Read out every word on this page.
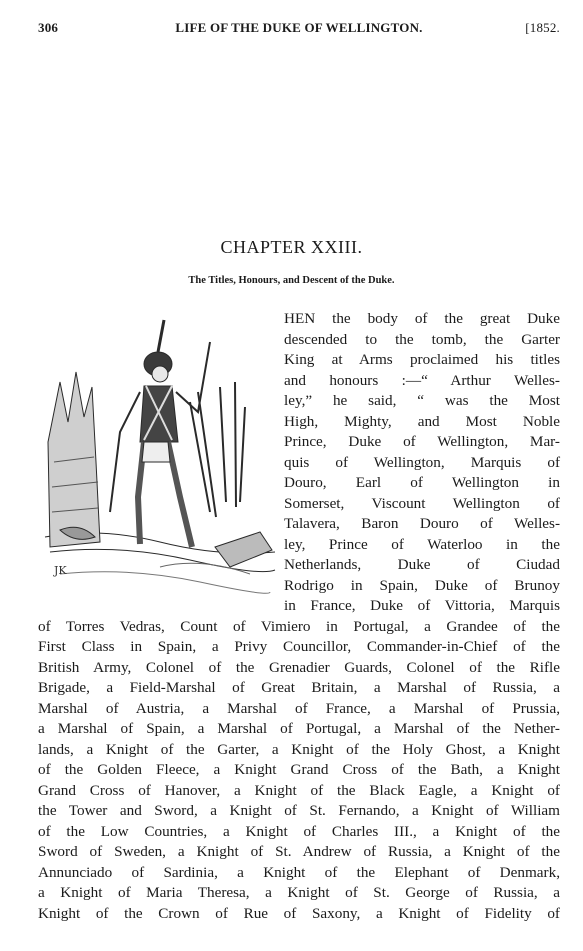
306	LIFE OF THE DUKE OF WELLINGTON.	[1852.
CHAPTER XXIII.
The Titles, Honours, and Descent of the Duke.
JK
HEN the body of the great Duke
descended to the tomb, the Garter
King at Arms proclaimed his titles
and honours :—“ Arthur Welles-
ley,” he said, “ was the Most
High, Mighty, and Most Noble
Prince, Duke of Wellington, Mar-
quis of Wellington, Marquis of
Douro, Earl of Wellington in
Somerset, Viscount Wellington of
Talavera, Baron Douro of Welles-
ley, Prince of Waterloo in the
Netherlands, Duke of Ciudad
Rodrigo in Spain, Duke of Brunoy
in France, Duke of Vittoria, Marquis
of Torres Vedras, Count of Vimiero in Portugal, a Grandee of the
First Class in Spain, a Privy Councillor, Commander-in-Chief of the
British Army, Colonel of the Grenadier Guards, Colonel of the Rifle
Brigade, a Field-Marshal of Great Britain, a Marshal of Russia, a
Marshal of Austria, a Marshal of France, a Marshal of Prussia,
a Marshal of Spain, a Marshal of Portugal, a Marshal of the Nether-
lands, a Knight of the Garter, a Knight of the Holy Ghost, a Knight
of the Golden Fleece, a Knight Grand Cross of the Bath, a Knight
Grand Cross of Hanover, a Knight of the Black Eagle, a Knight of
the Tower and Sword, a Knight of St. Fernando, a Knight of William
of the Low Countries, a Knight of Charles III., a Knight of the
Sword of Sweden, a Knight of St. Andrew of Russia, a Knight of the
Annunciado of Sardinia, a Knight of the Elephant of Denmark,
a Knight of Maria Theresa, a Knight of St. George of Russia, a
Knight of the Crown of Rue of Saxony, a Knight of Fidelity of
